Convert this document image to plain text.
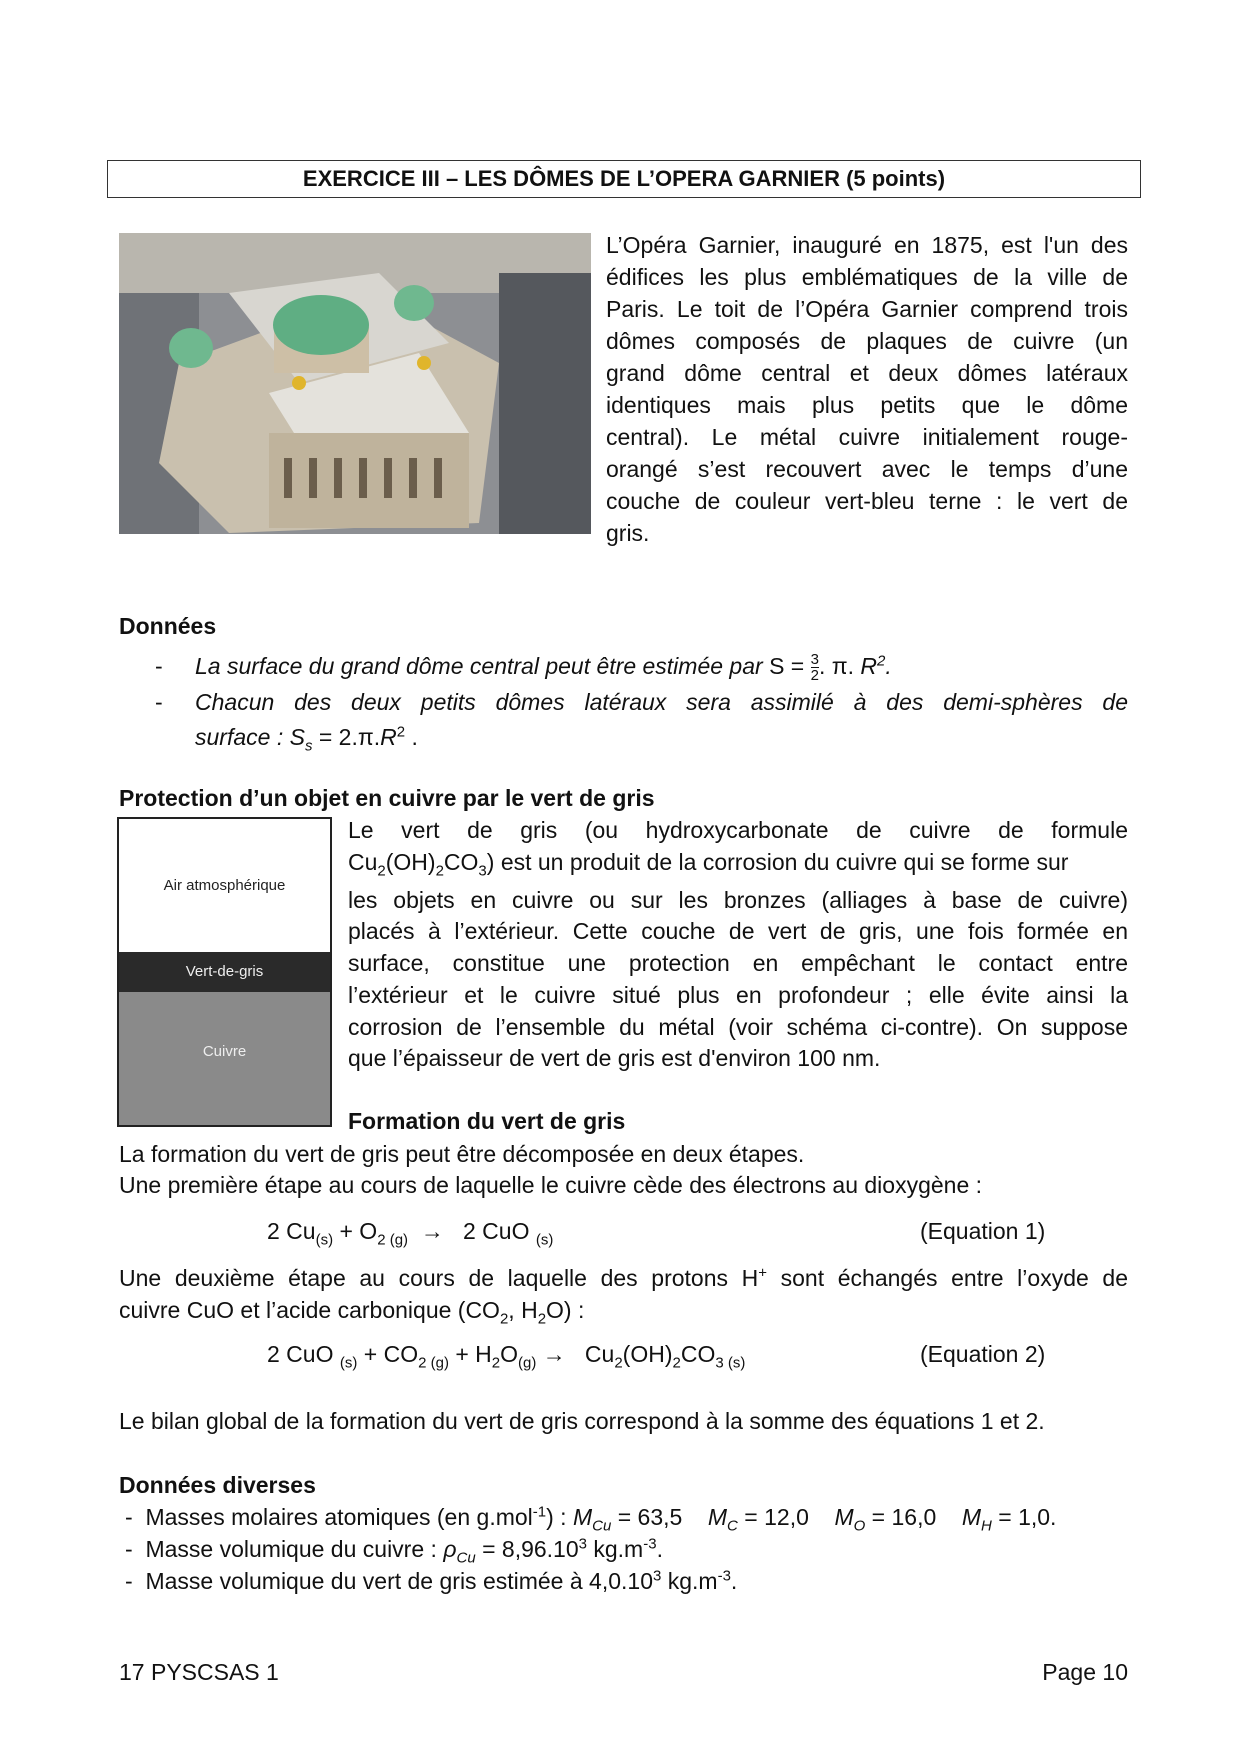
EXERCICE III – LES DÔMES DE L’OPERA GARNIER (5 points)
L’Opéra Garnier, inauguré en 1875, est l'un des
édifices les plus emblématiques de la ville de
Paris. Le toit de l’Opéra Garnier comprend trois
dômes composés de plaques de cuivre (un
grand dôme central et deux dômes latéraux
identiques mais plus petits que le dôme
central). Le métal cuivre initialement rouge-
orangé s’est recouvert avec le temps d’une
couche de couleur vert-bleu terne : le vert de
gris.
Données
- La surface du grand dôme central peut être estimée par $S = \frac{3}{2}$ . π. $R^2$.
- Chacun des deux petits dômes latéraux sera assimilé à des demi-sphères de
surface : $S_s = 2.\pi.R^2$ .
Protection d’un objet en cuivre par le vert de gris
Air atmosphérique
Vert-de-gris
Cuivre
Le vert de gris (ou hydroxycarbonate de cuivre de formule
$Cu_2(OH)_2CO_3$) est un produit de la corrosion du cuivre qui se forme sur
les objets en cuivre ou sur les bronzes (alliages à base de cuivre)
placés à l’extérieur. Cette couche de vert de gris, une fois formée en
surface, constitue une protection en empêchant le contact entre
l’extérieur et le cuivre situé plus en profondeur ; elle évite ainsi la
corrosion de l’ensemble du métal (voir schéma ci-contre). On suppose
que l’épaisseur de vert de gris est d'environ 100 nm.
Formation du vert de gris
La formation du vert de gris peut être décomposée en deux étapes.
Une première étape au cours de laquelle le cuivre cède des électrons au dioxygène :
2 $Cu_{(s)} + O_{2 (g)} \to 2$ CuO $_{(s)}$	(Equation 1)
Une deuxième étape au cours de laquelle des protons H+ sont échangés entre l’oxyde de
cuivre CuO et l’acide carbonique ($CO_2$, $H_2O$) :
2 CuO $_{(s)} + CO_{2 (g)} + H_2O_{(g)} \to Cu_2(OH)_2CO_{3 (s)}$	(Equation 2)
Le bilan global de la formation du vert de gris correspond à la somme des équations 1 et 2.
Données diverses
-  Masses molaires atomiques (en g.mol$^{-1}$) : $M_{Cu} = 63,5$ $M_C = 12,0$ $M_O = 16,0$ $M_H = 1,0$.
-  Masse volumique du cuivre : $\rho_{Cu} = 8,96.10^3$ $kg.m^{-3}$.
-  Masse volumique du vert de gris estimée à 4,0.10$^3$ $kg.m^{-3}$.
17 PYSCSAS 1	Page 10
